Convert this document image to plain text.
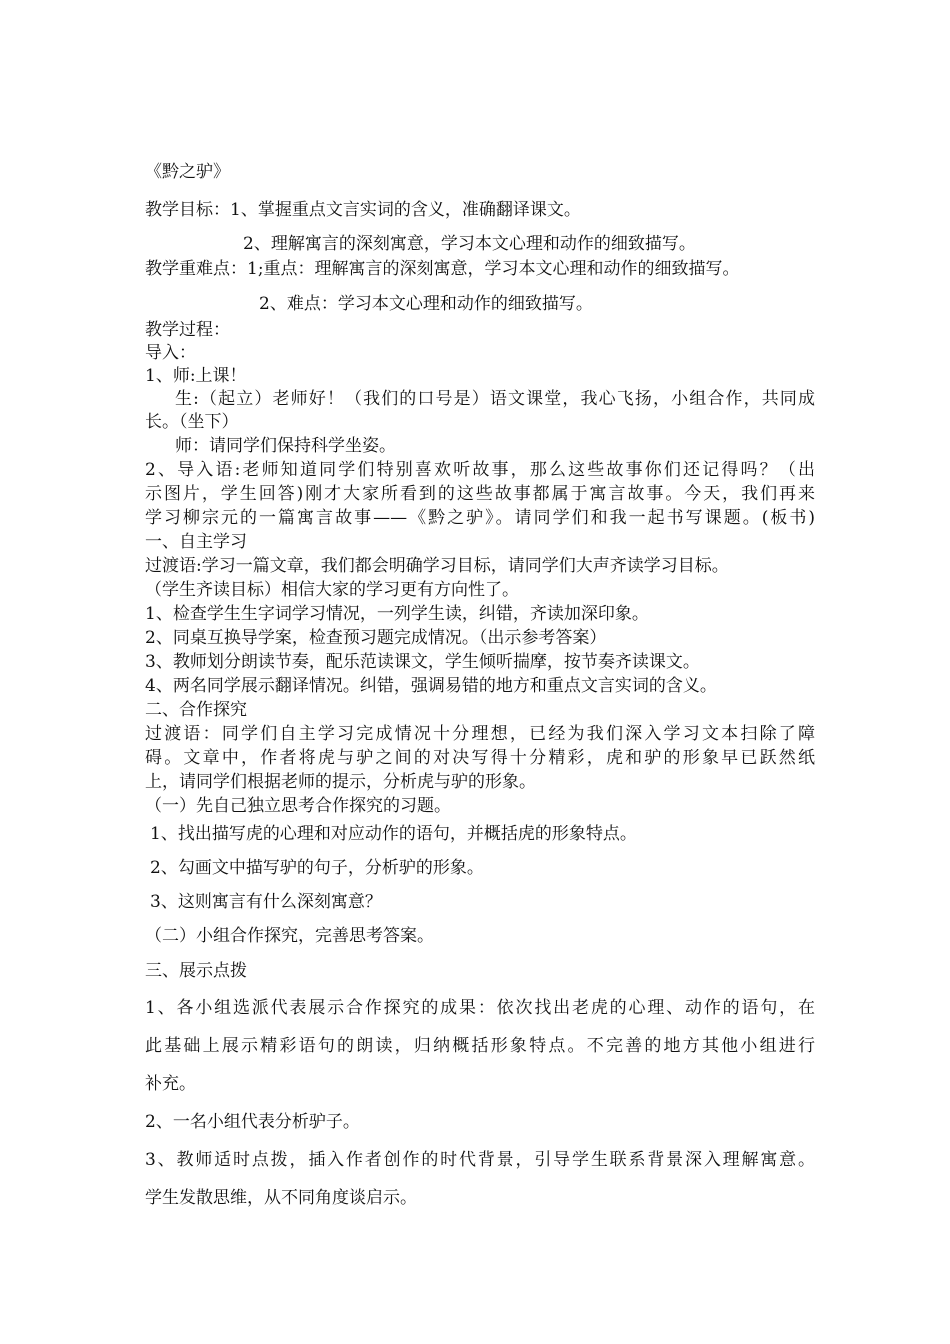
《黔之驴》
教学目标：1、掌握重点文言实词的含义，准确翻译课文。
2、理解寓言的深刻寓意，学习本文心理和动作的细致描写。
教学重难点：1;重点：理解寓言的深刻寓意，学习本文心理和动作的细致描写。
2、难点：学习本文心理和动作的细致描写。
教学过程：
导入：
1、师:上课！
生:（起立）老师好！（我们的口号是）语文课堂，我心飞扬，小组合作，共同成
长。（坐下）
师：请同学们保持科学坐姿。
2、导入语:老师知道同学们特别喜欢听故事，那么这些故事你们还记得吗？（出
示图片，学生回答)刚才大家所看到的这些故事都属于寓言故事。今天，我们再来
学习柳宗元的一篇寓言故事——《黔之驴》。请同学们和我一起书写课题。(板书)
一、自主学习
过渡语:学习一篇文章，我们都会明确学习目标，请同学们大声齐读学习目标。
（学生齐读目标）相信大家的学习更有方向性了。
1、检查学生生字词学习情况，一列学生读，纠错，齐读加深印象。
2、同桌互换导学案，检查预习题完成情况。（出示参考答案）
3、教师划分朗读节奏，配乐范读课文，学生倾听揣摩，按节奏齐读课文。
4、两名同学展示翻译情况。纠错，强调易错的地方和重点文言实词的含义。
二、合作探究
过渡语：同学们自主学习完成情况十分理想，已经为我们深入学习文本扫除了障
碍。文章中，作者将虎与驴之间的对决写得十分精彩，虎和驴的形象早已跃然纸
上，请同学们根据老师的提示，分析虎与驴的形象。
（一）先自己独立思考合作探究的习题。
1、找出描写虎的心理和对应动作的语句，并概括虎的形象特点。
2、勾画文中描写驴的句子，分析驴的形象。
3、这则寓言有什么深刻寓意？
（二）小组合作探究，完善思考答案。
三、展示点拨
1、各小组选派代表展示合作探究的成果：依次找出老虎的心理、动作的语句，在
此基础上展示精彩语句的朗读，归纳概括形象特点。不完善的地方其他小组进行
补充。
2、一名小组代表分析驴子。
3、教师适时点拨，插入作者创作的时代背景，引导学生联系背景深入理解寓意。
学生发散思维，从不同角度谈启示。
